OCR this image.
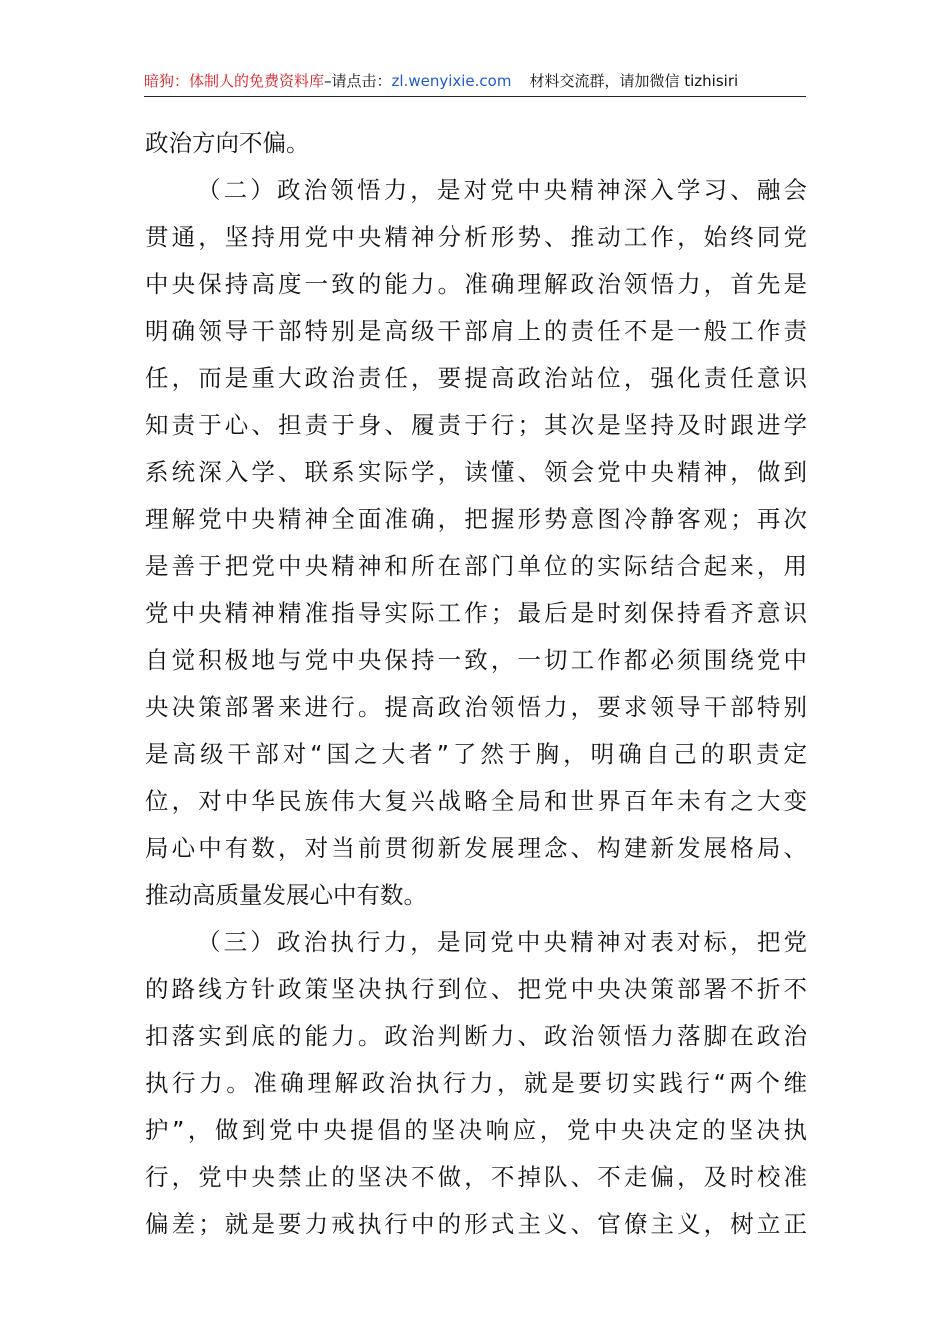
暗狗：体制人的免费资料库–请点击：zl.wenyixie.com 材料交流群，请加微信 tizhisiri
政治方向不偏。
（二）政治领悟力，是对党中央精神深入学习、融会
贯通，坚持用党中央精神分析形势、推动工作，始终同党
中央保持高度一致的能力。准确理解政治领悟力，首先是
明确领导干部特别是高级干部肩上的责任不是一般工作责
任，而是重大政治责任，要提高政治站位，强化责任意识
知责于心、担责于身、履责于行；其次是坚持及时跟进学
系统深入学、联系实际学，读懂、领会党中央精神，做到
理解党中央精神全面准确，把握形势意图冷静客观；再次
是善于把党中央精神和所在部门单位的实际结合起来，用
党中央精神精准指导实际工作；最后是时刻保持看齐意识
自觉积极地与党中央保持一致，一切工作都必须围绕党中
央决策部署来进行。提高政治领悟力，要求领导干部特别
是高级干部对“国之大者”了然于胸，明确自己的职责定
位，对中华民族伟大复兴战略全局和世界百年未有之大变
局心中有数，对当前贯彻新发展理念、构建新发展格局、
推动高质量发展心中有数。
（三）政治执行力，是同党中央精神对表对标，把党
的路线方针政策坚决执行到位、把党中央决策部署不折不
扣落实到底的能力。政治判断力、政治领悟力落脚在政治
执行力。准确理解政治执行力，就是要切实践行“两个维
护”，做到党中央提倡的坚决响应，党中央决定的坚决执
行，党中央禁止的坚决不做，不掉队、不走偏，及时校准
偏差；就是要力戒执行中的形式主义、官僚主义，树立正
